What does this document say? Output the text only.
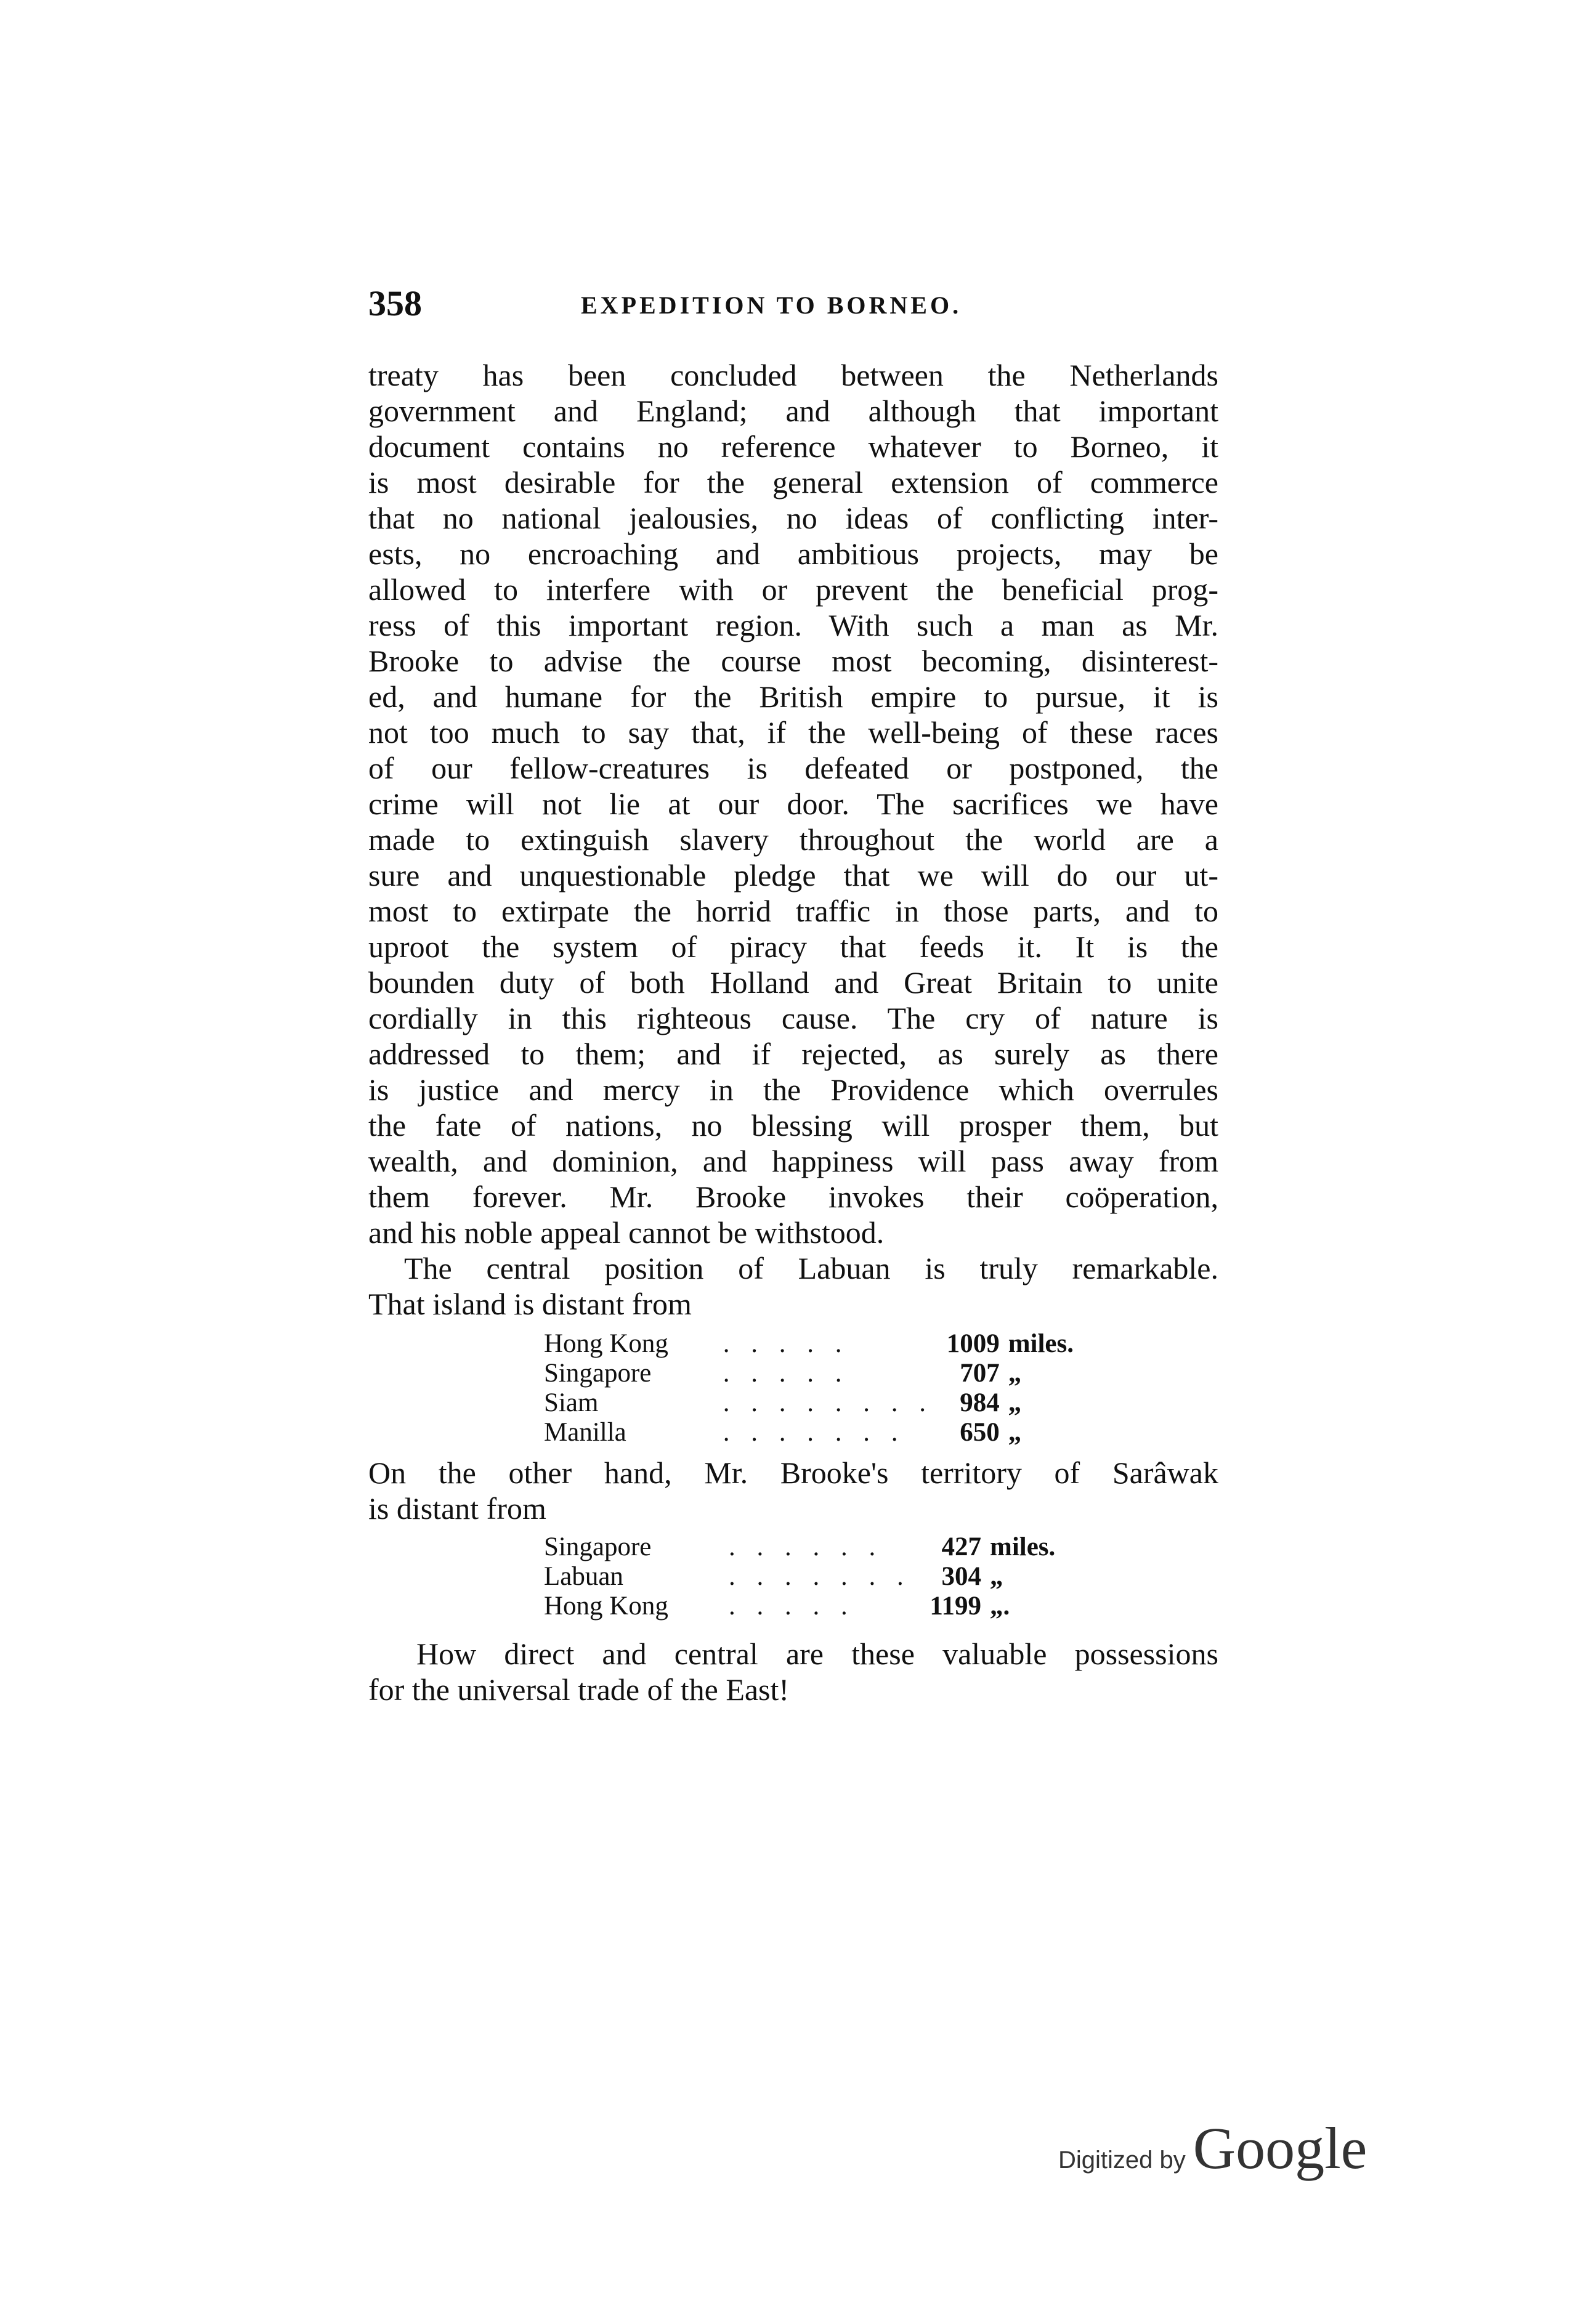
358	EXPEDITION TO BORNEO.
treaty has been concluded between the Netherlands
government and England; and although that important
document contains no reference whatever to Borneo, it
is most desirable for the general extension of commerce
that no national jealousies, no ideas of conflicting inter-
ests, no encroaching and ambitious projects, may be
allowed to interfere with or prevent the beneficial prog-
ress of this important region. With such a man as Mr.
Brooke to advise the course most becoming, disinterest-
ed, and humane for the British empire to pursue, it is
not too much to say that, if the well-being of these races
of our fellow-creatures is defeated or postponed, the
crime will not lie at our door. The sacrifices we have
made to extinguish slavery throughout the world are a
sure and unquestionable pledge that we will do our ut-
most to extirpate the horrid traffic in those parts, and to
uproot the system of piracy that feeds it. It is the
bounden duty of both Holland and Great Britain to unite
cordially in this righteous cause. The cry of nature is
addressed to them; and if rejected, as surely as there
is justice and mercy in the Providence which overrules
the fate of nations, no blessing will prosper them, but
wealth, and dominion, and happiness will pass away from
them forever. Mr. Brooke invokes their coöperation,
and his noble appeal cannot be withstood.
The central position of Labuan is truly remarkable.
That island is distant from
Hong Kong	. . . . .	1009	miles.
Singapore	. . . . .	707	„
Siam	. . . . . . . .	984	„
Manilla	. . . . . . .	650	„
On the other hand, Mr. Brooke's territory of Sarâwak
is distant from
Singapore	. . . . . .	427	miles.
Labuan	. . . . . . .	304	„
Hong Kong	. . . . .	1199	„.
How direct and central are these valuable possessions
for the universal trade of the East!
Digitized by Google
